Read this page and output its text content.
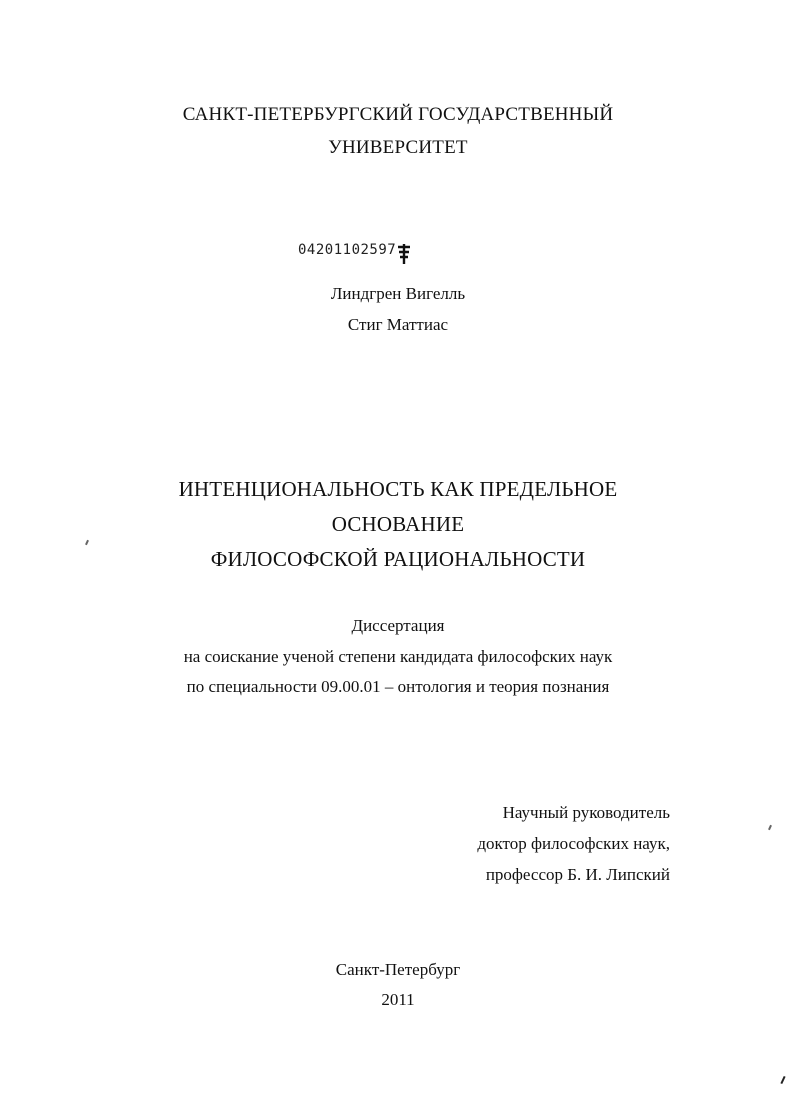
САНКТ-ПЕТЕРБУРГСКИЙ ГОСУДАРСТВЕННЫЙ
УНИВЕРСИТЕТ
04201102597
Линдгрен Вигелль
Стиг Маттиас
ИНТЕНЦИОНАЛЬНОСТЬ КАК ПРЕДЕЛЬНОЕ
ОСНОВАНИЕ
ФИЛОСОФСКОЙ РАЦИОНАЛЬНОСТИ
Диссертация
на соискание ученой степени кандидата философских наук
по специальности 09.00.01 – онтология и теория познания
Научный руководитель
доктор философских наук,
профессор Б. И. Липский
Санкт-Петербург
2011
